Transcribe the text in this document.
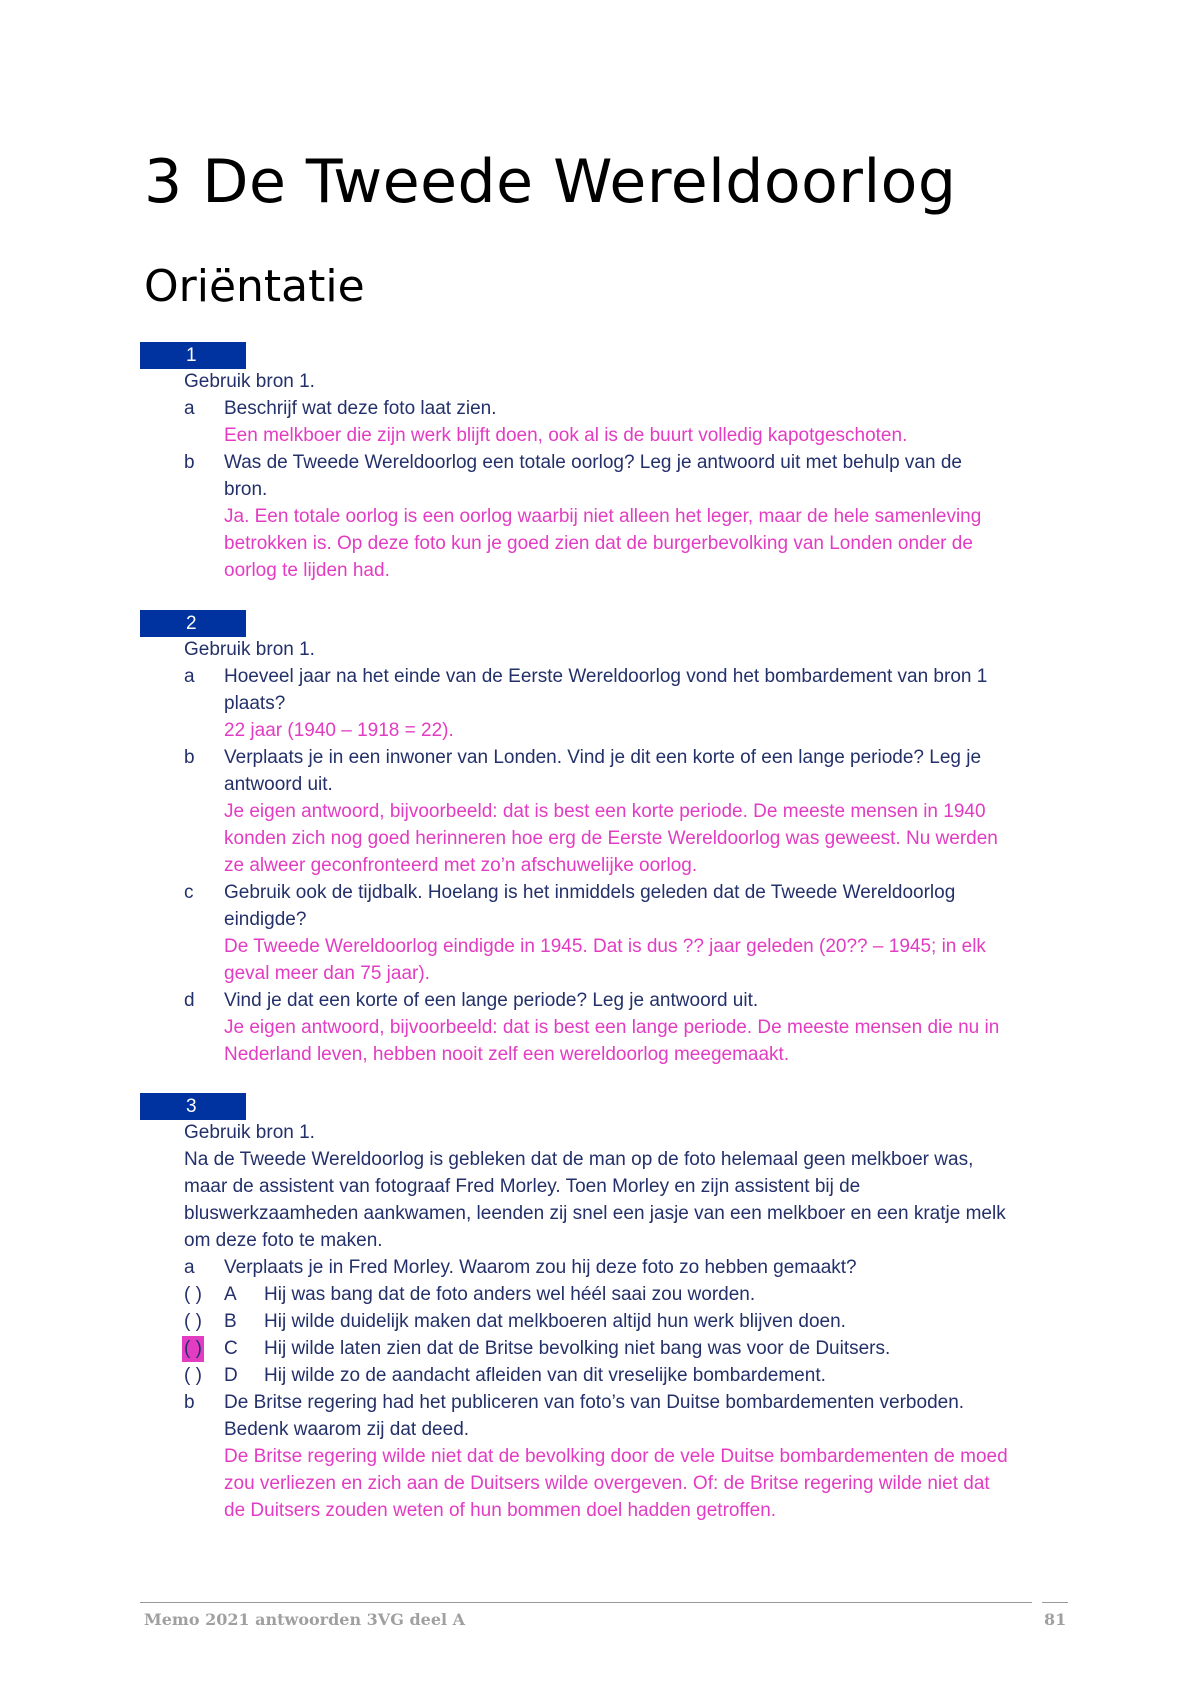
3 De Tweede Wereldoorlog
Oriëntatie
1
Gebruik bron 1.
a Beschrijf wat deze foto laat zien.
Een melkboer die zijn werk blijft doen, ook al is de buurt volledig kapotgeschoten.
b Was de Tweede Wereldoorlog een totale oorlog? Leg je antwoord uit met behulp van de
bron.
Ja. Een totale oorlog is een oorlog waarbij niet alleen het leger, maar de hele samenleving
betrokken is. Op deze foto kun je goed zien dat de burgerbevolking van Londen onder de
oorlog te lijden had.
2
Gebruik bron 1.
a Hoeveel jaar na het einde van de Eerste Wereldoorlog vond het bombardement van bron 1
plaats?
22 jaar (1940 – 1918 = 22).
b Verplaats je in een inwoner van Londen. Vind je dit een korte of een lange periode? Leg je
antwoord uit.
Je eigen antwoord, bijvoorbeeld: dat is best een korte periode. De meeste mensen in 1940
konden zich nog goed herinneren hoe erg de Eerste Wereldoorlog was geweest. Nu werden
ze alweer geconfronteerd met zo’n afschuwelijke oorlog.
c Gebruik ook de tijdbalk. Hoelang is het inmiddels geleden dat de Tweede Wereldoorlog
eindigde?
De Tweede Wereldoorlog eindigde in 1945. Dat is dus ?? jaar geleden (20?? – 1945; in elk
geval meer dan 75 jaar).
d Vind je dat een korte of een lange periode? Leg je antwoord uit.
Je eigen antwoord, bijvoorbeeld: dat is best een lange periode. De meeste mensen die nu in
Nederland leven, hebben nooit zelf een wereldoorlog meegemaakt.
3
Gebruik bron 1.
Na de Tweede Wereldoorlog is gebleken dat de man op de foto helemaal geen melkboer was,
maar de assistent van fotograaf Fred Morley. Toen Morley en zijn assistent bij de
bluswerkzaamheden aankwamen, leenden zij snel een jasje van een melkboer en een kratje melk
om deze foto te maken.
a Verplaats je in Fred Morley. Waarom zou hij deze foto zo hebben gemaakt?
( ) A Hij was bang dat de foto anders wel héél saai zou worden.
( ) B Hij wilde duidelijk maken dat melkboeren altijd hun werk blijven doen.
( ) C Hij wilde laten zien dat de Britse bevolking niet bang was voor de Duitsers.
( ) D Hij wilde zo de aandacht afleiden van dit vreselijke bombardement.
b De Britse regering had het publiceren van foto’s van Duitse bombardementen verboden.
Bedenk waarom zij dat deed.
De Britse regering wilde niet dat de bevolking door de vele Duitse bombardementen de moed
zou verliezen en zich aan de Duitsers wilde overgeven. Of: de Britse regering wilde niet dat
de Duitsers zouden weten of hun bommen doel hadden getroffen.
Memo 2021 antwoorden 3VG deel A	81
